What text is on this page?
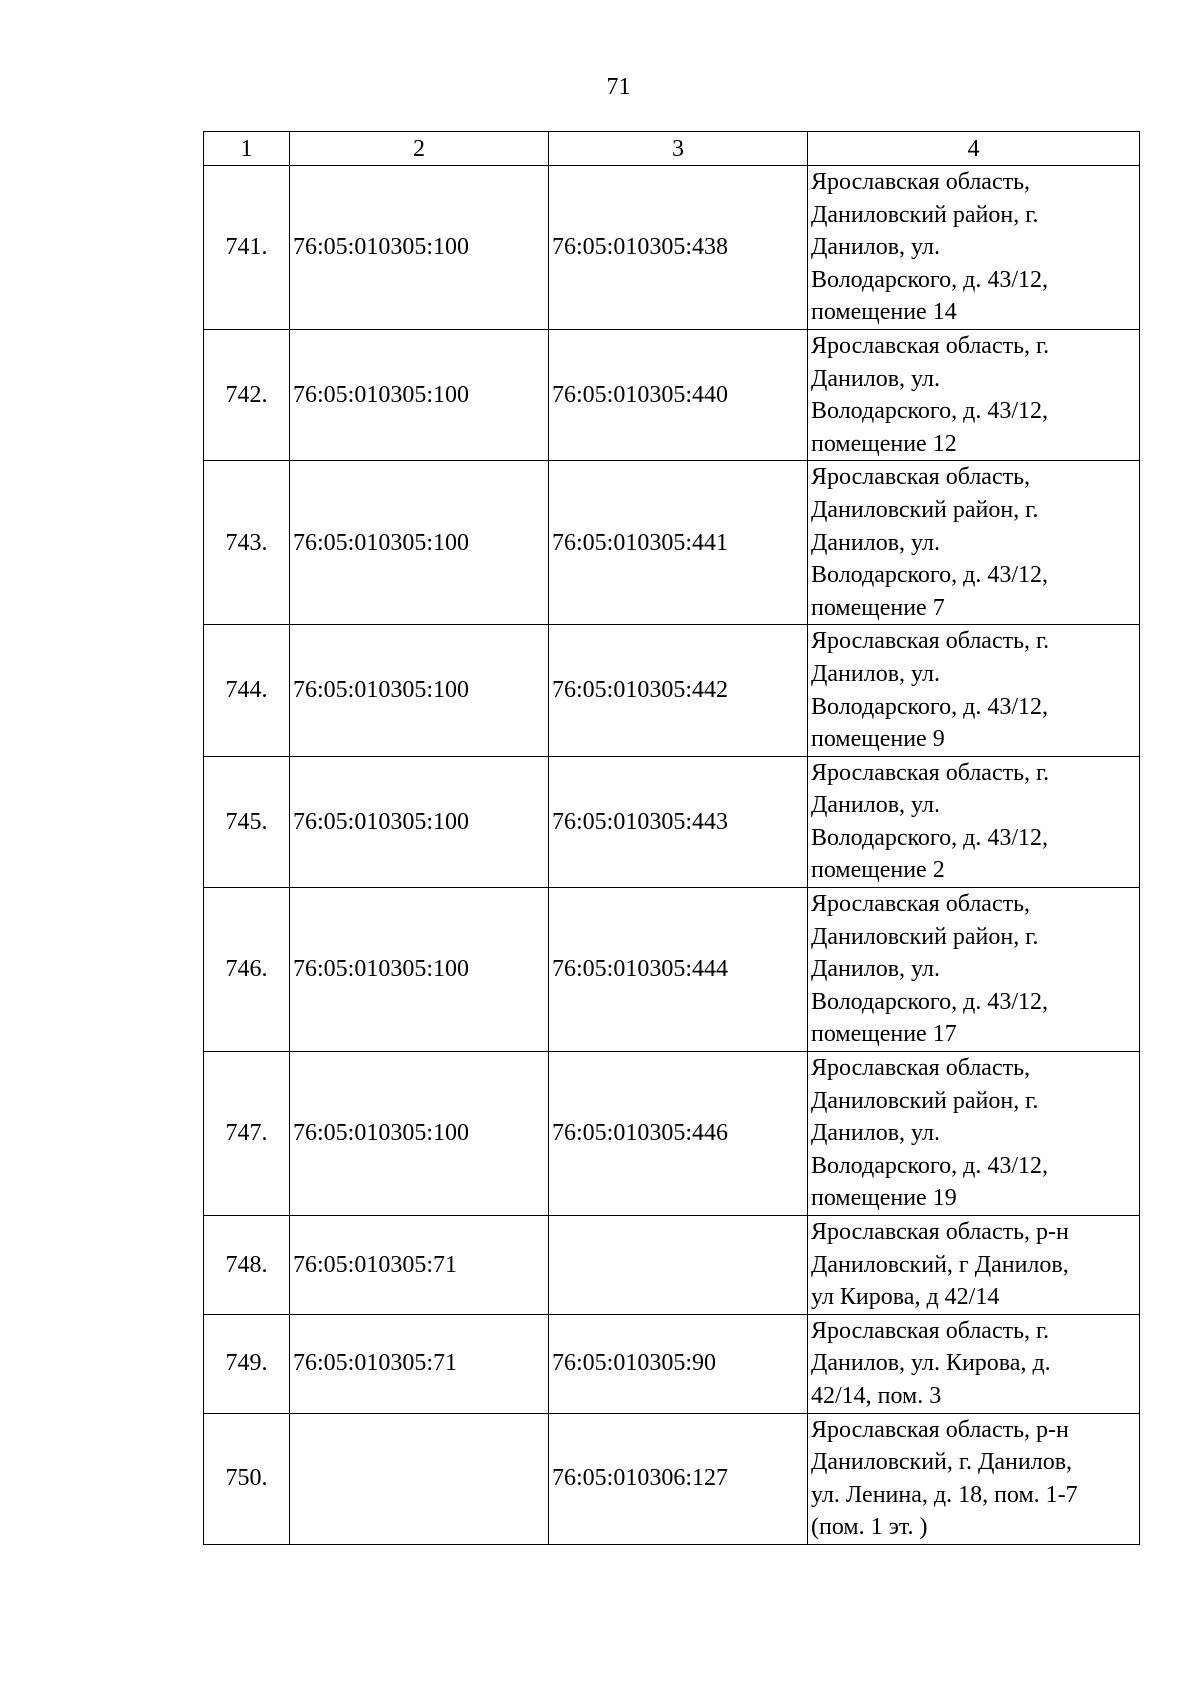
71
1	2	3	4
741.	76:05:010305:100	76:05:010305:438	Ярославская область,
Даниловский район, г.
Данилов, ул.
Володарского, д. 43/12,
помещение 14

742.	76:05:010305:100	76:05:010305:440	Ярославская область, г.
Данилов, ул.
Володарского, д. 43/12,
помещение 12

743.	76:05:010305:100	76:05:010305:441	Ярославская область,
Даниловский район, г.
Данилов, ул.
Володарского, д. 43/12,
помещение 7

744.	76:05:010305:100	76:05:010305:442	Ярославская область, г.
Данилов, ул.
Володарского, д. 43/12,
помещение 9

745.	76:05:010305:100	76:05:010305:443	Ярославская область, г.
Данилов, ул.
Володарского, д. 43/12,
помещение 2

746.	76:05:010305:100	76:05:010305:444	Ярославская область,
Даниловский район, г.
Данилов, ул.
Володарского, д. 43/12,
помещение 17

747.	76:05:010305:100	76:05:010305:446	Ярославская область,
Даниловский район, г.
Данилов, ул.
Володарского, д. 43/12,
помещение 19

748.	76:05:010305:71		Ярославская область, р-н
Даниловский, г Данилов,
ул Кирова, д 42/14

749.	76:05:010305:71	76:05:010305:90	Ярославская область, г.
Данилов, ул. Кирова, д.
42/14, пом. 3

750.		76:05:010306:127	Ярославская область, р-н
Даниловский, г. Данилов,
ул. Ленина, д. 18, пом. 1-7
(пом. 1 эт. )
